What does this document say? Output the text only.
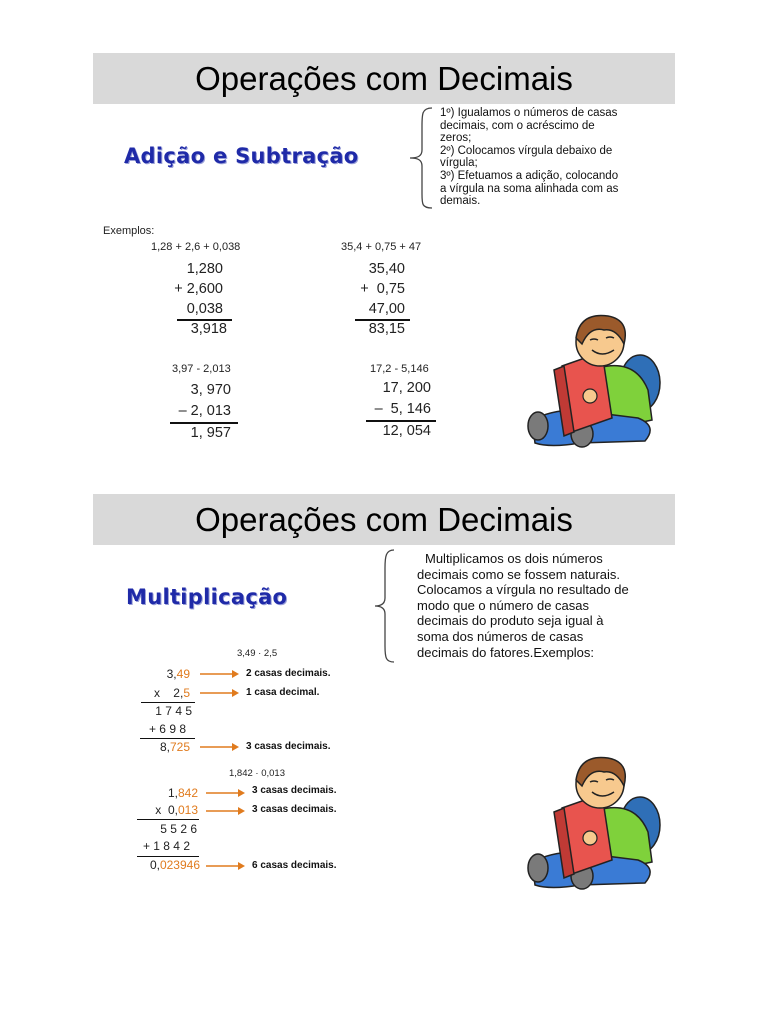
Operações com Decimais
Adição e Subtração
1º) Igualamos o números de casas
decimais, com o acréscimo de
zeros;
2º) Colocamos vírgula debaixo de
vírgula;
3º) Efetuamos a adição, colocando
a vírgula na soma alinhada com as
demais.
Exemplos:
1,28 + 2,6 + 0,038
1,280
+ 2,600
0,038
3,918
35,4 + 0,75 + 47
35,40
+  0,75
47,00
83,15
3,97 - 2,013
3, 970
– 2, 013
1, 957
17,2 - 5,146
17, 200
–  5, 146
12, 054
Operações com Decimais
Multiplicação
Multiplicamos os dois números
decimais como se fossem naturais.
Colocamos a vírgula no resultado de
modo que o número de casas
decimais do produto seja igual à
soma dos números de casas
decimais do fatores.Exemplos:
3,49 · 2,5
3,49
x    2,5
1 7 4 5
+ 6 9 8
8,725
2 casas decimais.
1 casa decimal.
3 casas decimais.
1,842 · 0,013
1,842
x  0,013
5 5 2 6
+ 1 8 4 2
0,023946
3 casas decimais.
3 casas decimais.
6 casas decimais.
